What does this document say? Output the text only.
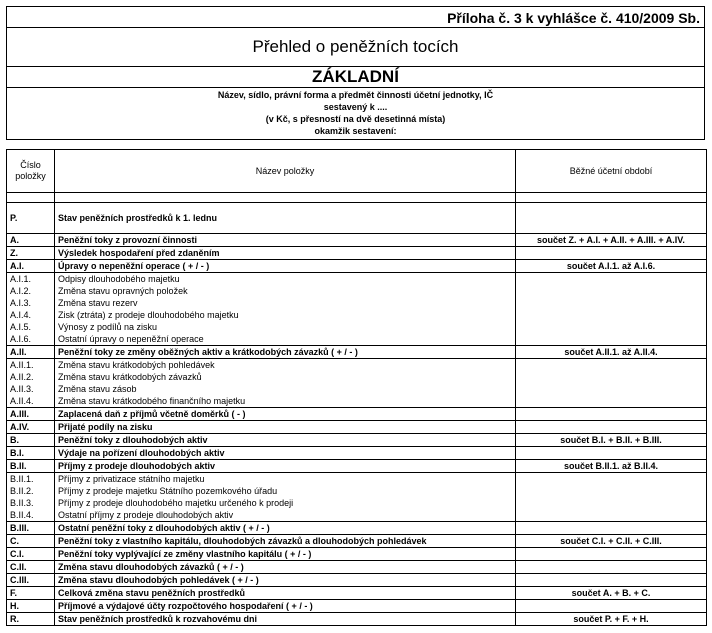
Příloha č. 3 k vyhlášce č. 410/2009 Sb.
Přehled o peněžních tocích
ZÁKLADNÍ
Název, sídlo, právní forma a předmět činnosti účetní jednotky, IČ
sestavený k ....
(v Kč, s přesností na dvě desetinná místa)
okamžik sestavení:
Číslo položky	Název položky	Běžné účetní období

P.	Stav peněžních prostředků k 1. lednu	
A.	Peněžní toky z provozní činnosti	součet Z. + A.I. + A.II. + A.III. + A.IV.
Z.	Výsledek hospodaření před zdaněním	
A.I.	Úpravy o nepeněžní operace ( + / - )	součet A.I.1. až A.I.6.
A.I.1.	Odpisy dlouhodobého majetku	
A.I.2.	Změna stavu opravných položek	
A.I.3.	Změna stavu rezerv	
A.I.4.	Zisk (ztráta) z prodeje dlouhodobého majetku	
A.I.5.	Výnosy z podílů na zisku	
A.I.6.	Ostatní úpravy o nepeněžní operace	
A.II.	Peněžní toky ze změny oběžných aktiv a krátkodobých závazků ( + / - )	součet A.II.1. až A.II.4.
A.II.1.	Změna stavu krátkodobých pohledávek	
A.II.2.	Změna stavu krátkodobých závazků	
A.II.3.	Změna stavu zásob	
A.II.4.	Změna stavu krátkodobého finančního majetku	
A.III.	Zaplacená daň z příjmů včetně doměrků ( - )	
A.IV.	Přijaté podíly na zisku	
B.	Peněžní toky z dlouhodobých aktiv	součet B.I. + B.II. + B.III.
B.I.	Výdaje na pořízení dlouhodobých aktiv	
B.II.	Příjmy z prodeje dlouhodobých aktiv	součet B.II.1. až B.II.4.
B.II.1.	Příjmy z privatizace státního majetku	
B.II.2.	Příjmy z prodeje majetku Státního pozemkového úřadu	
B.II.3.	Příjmy z prodeje dlouhodobého majetku určeného k prodeji	
B.II.4.	Ostatní příjmy z prodeje dlouhodobých aktiv	
B.III.	Ostatní peněžní toky z dlouhodobých aktiv ( + / - )	
C.	Peněžní toky z vlastního kapitálu, dlouhodobých závazků a dlouhodobých pohledávek	součet C.I. + C.II. + C.III.
C.I.	Peněžní toky vyplývající ze změny vlastního kapitálu ( + / - )	
C.II.	Změna stavu dlouhodobých závazků ( + / - )	
C.III.	Změna stavu dlouhodobých pohledávek ( + / - )	
F.	Celková změna stavu peněžních prostředků	součet A. + B. + C.
H.	Příjmové a výdajové účty rozpočtového hospodaření ( + / - )	
R.	Stav peněžních prostředků k rozvahovému dni	součet P. + F. + H.
